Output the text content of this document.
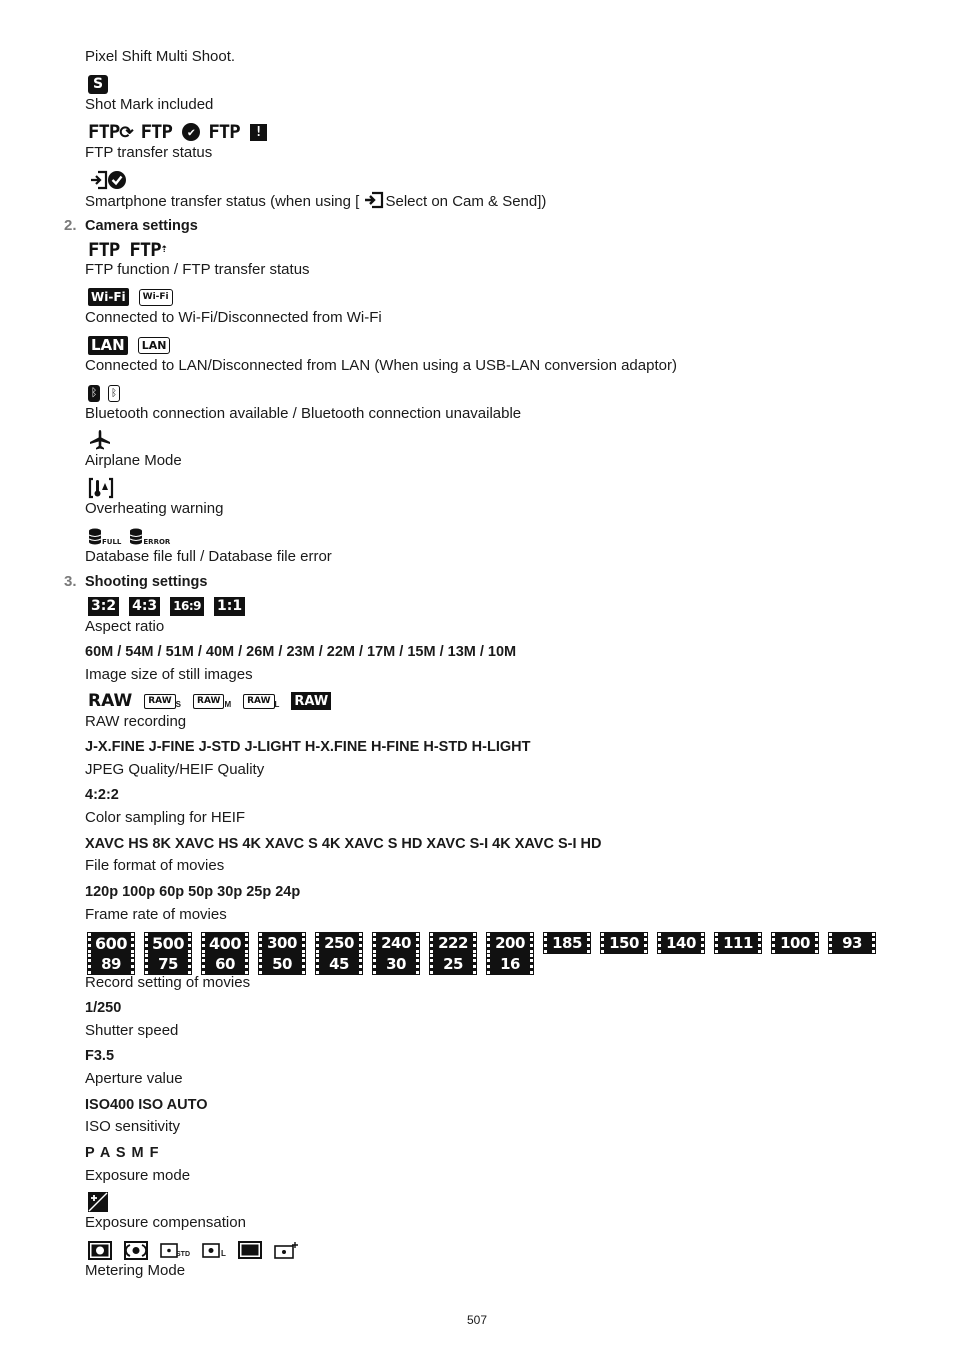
Pixel Shift Multi Shoot.
S
Shot Mark included
FTP⟳ FTP ✔ FTP !
FTP transfer status
Smartphone transfer status (when using [ Select on Cam & Send])
2. Camera settings
FTP FTP⇡
FTP function / FTP transfer status
Wi-Fi	Wi-Fi
Connected to Wi-Fi/Disconnected from Wi-Fi
LAN	LAN
Connected to LAN/Disconnected from LAN (When using a USB-LAN conversion adaptor)
ᛒ	ᛒ
Bluetooth connection available / Bluetooth connection unavailable
Airplane Mode
Overheating warning
FULL	ERROR
Database file full / Database file error
3. Shooting settings
3:2 4:3 16:9 1:1
Aspect ratio
60M / 54M / 51M / 40M / 26M / 23M / 22M / 17M / 15M / 13M / 10M
Image size of still images
RAW	RAW S	RAW M	RAW L RAW
RAW recording
J-X.FINE J-FINE J-STD J-LIGHT H-X.FINE H-FINE H-STD H-LIGHT
JPEG Quality/HEIF Quality
4:2:2
Color sampling for HEIF
XAVC HS 8K XAVC HS 4K XAVC S 4K XAVC S HD XAVC S-I 4K XAVC S-I HD
File format of movies
120p 100p 60p 50p 30p 25p 24p
Frame rate of movies
600	500	400	300	250	240	222	200	185	150	140	111	100	93
89	75	60	50	45	30	25	16
Record setting of movies
1/250
Shutter speed
F3.5
Aperture value
ISO400 ISO AUTO
ISO sensitivity
P A S M F
Exposure mode
Exposure compensation
STD	L
Metering Mode
507
